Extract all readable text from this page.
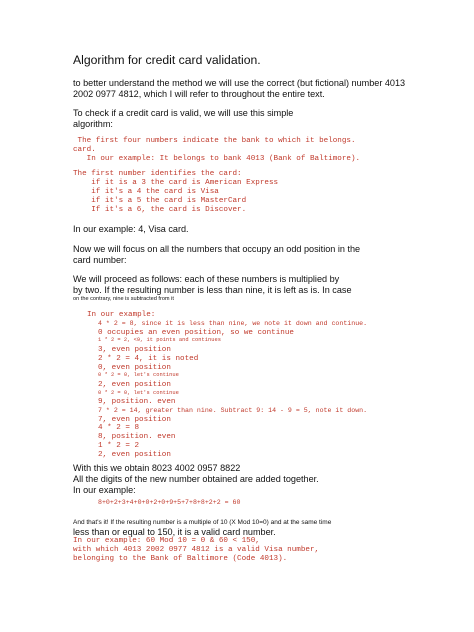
Algorithm for credit card validation.
to better understand the method we will use the correct (but fictional) number 4013
2002 0977 4812, which I will refer to throughout the entire text.
To check if a credit card is valid, we will use this simple
algorithm:
The first four numbers indicate the bank to which it belongs.
card.
In our example: It belongs to bank 4013 (Bank of Baltimore).
The first number identifies the card:
if it is a 3 the card is American Express
if it's a 4 the card is Visa
if it's a 5 the card is MasterCard
If it's a 6, the card is Discover.
In our example: 4, Visa card.
Now we will focus on all the numbers that occupy an odd position in the
card number:
We will proceed as follows: each of these numbers is multiplied by
by two. If the resulting number is less than nine, it is left as is. In case
on the contrary, nine is subtracted from it
In our example:
4 * 2 = 8, since it is less than nine, we note it down and continue.
0 occupies an even position, so we continue
1 * 2 = 2, <9, it points and continues
3, even position
2 * 2 = 4, it is noted
0, even position
0 * 2 = 0, let's continue
2, even position
0 * 2 = 0, let's continue
9, position. even
7 * 2 = 14, greater than nine. Subtract 9: 14 - 9 = 5, note it down.
7, even position
4 * 2 = 8
8, position. even
1 * 2 = 2
2, even position
With this we obtain 8023 4002 0957 8822
All the digits of the new number obtained are added together.
In our example:
8+0+2+3+4+0+0+2+0+9+5+7+8+8+2+2 = 60
And that's it! If the resulting number is a multiple of 10 (X Mod 10=0) and at the same time
less than or equal to 150, it is a valid card number.
In our example: 60 Mod 10 = 0 & 60 < 150,
with which 4013 2002 0977 4812 is a valid Visa number,
belonging to the Bank of Baltimore (Code 4013).
